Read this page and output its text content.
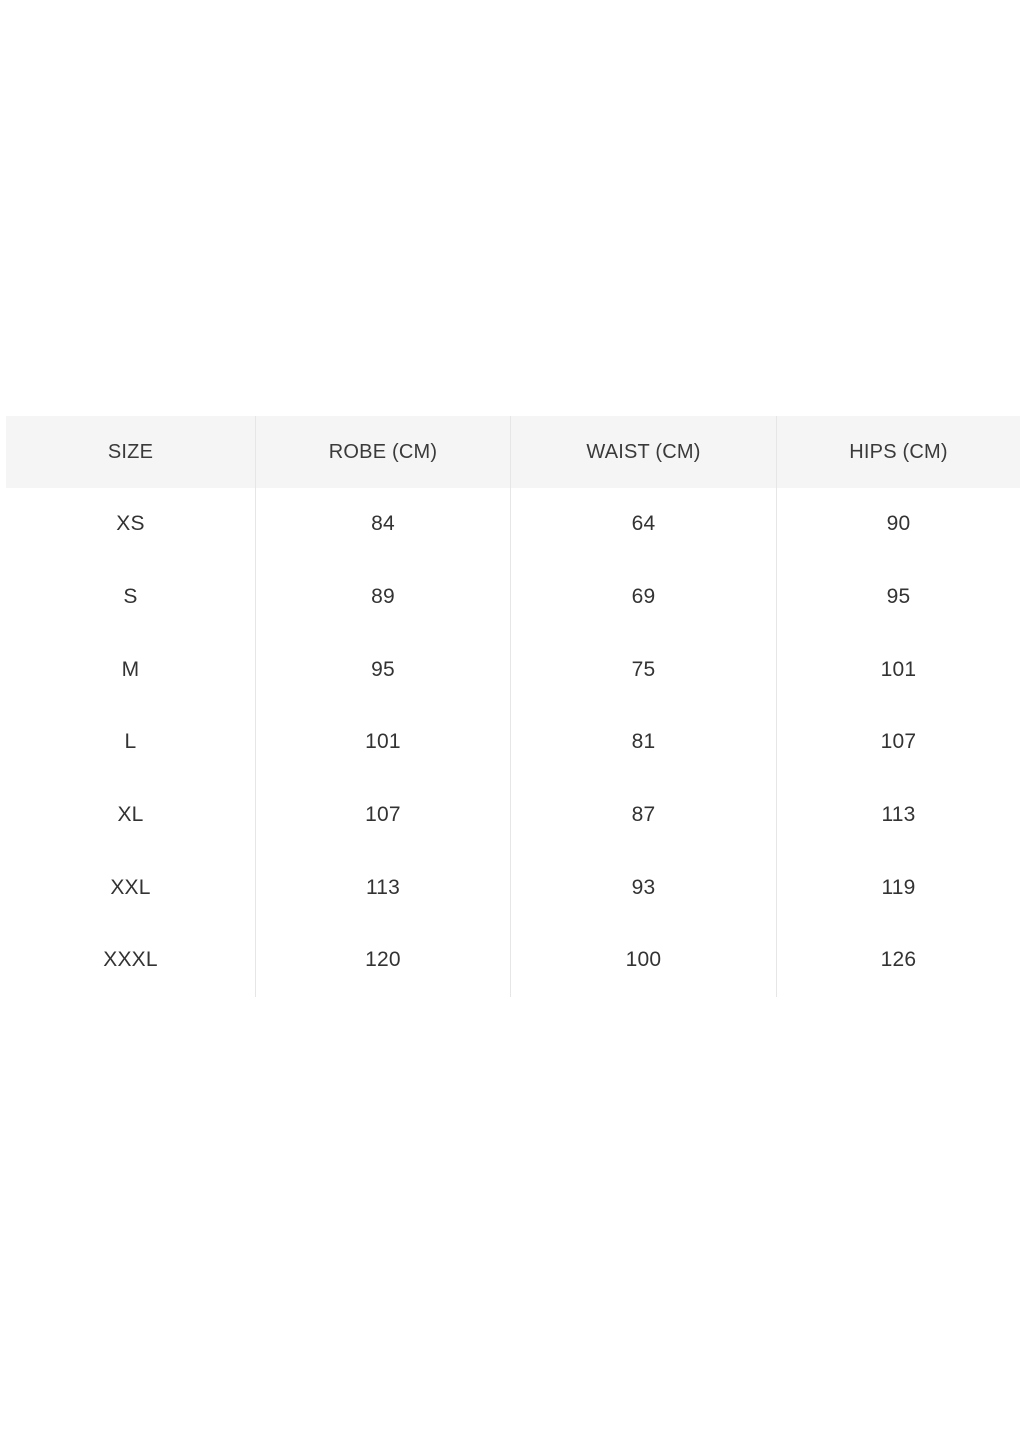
SIZE	ROBE (CM)	WAIST (CM)	HIPS (CM)
XS	84	64	90
S	89	69	95
M	95	75	101
L	101	81	107
XL	107	87	113
XXL	113	93	119
XXXL	120	100	126
